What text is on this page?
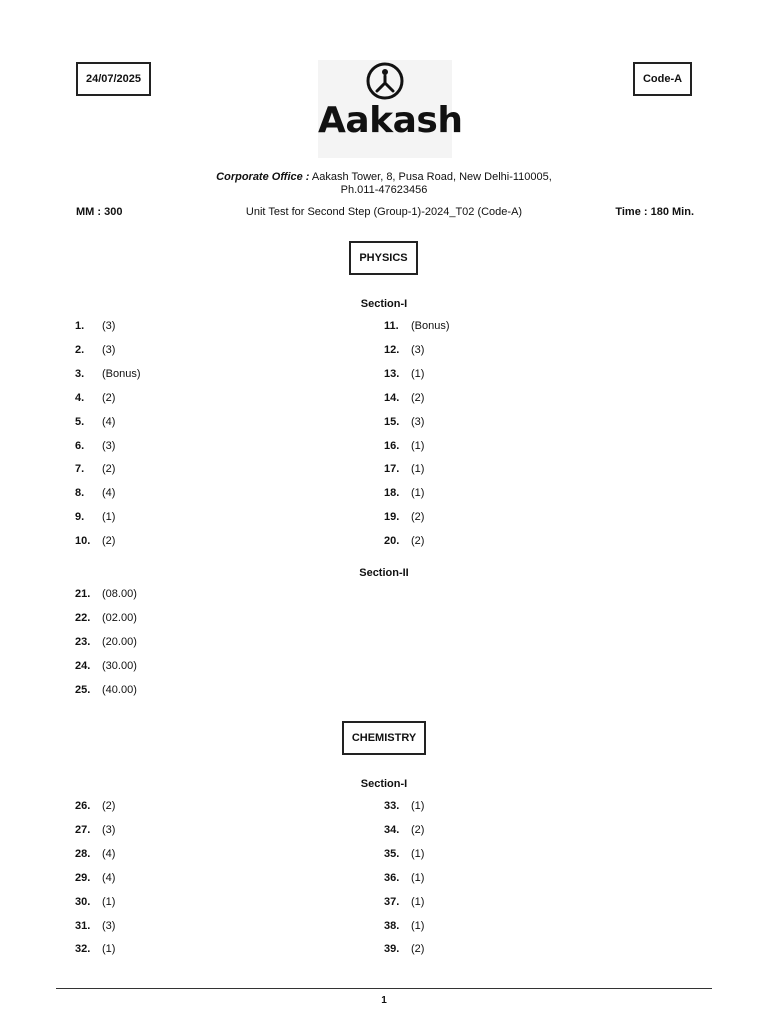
24/07/2025	Code-A
Aakash
Corporate Office : Aakash Tower, 8, Pusa Road, New Delhi-110005,
Ph.011-47623456
MM : 300	Unit Test for Second Step (Group-1)-2024_T02 (Code-A)	Time : 180 Min.
PHYSICS
Section-I
1.	(3)
2.	(3)
3.	(Bonus)
4.	(2)
5.	(4)
6.	(3)
7.	(2)
8.	(4)
9.	(1)
10.	(2)
11.	(Bonus)
12.	(3)
13.	(1)
14.	(2)
15.	(3)
16.	(1)
17.	(1)
18.	(1)
19.	(2)
20.	(2)
Section-II
21.	(08.00)
22.	(02.00)
23.	(20.00)
24.	(30.00)
25.	(40.00)
CHEMISTRY
Section-I
26.	(2)
27.	(3)
28.	(4)
29.	(4)
30.	(1)
31.	(3)
32.	(1)
33.	(1)
34.	(2)
35.	(1)
36.	(1)
37.	(1)
38.	(1)
39.	(2)
1
